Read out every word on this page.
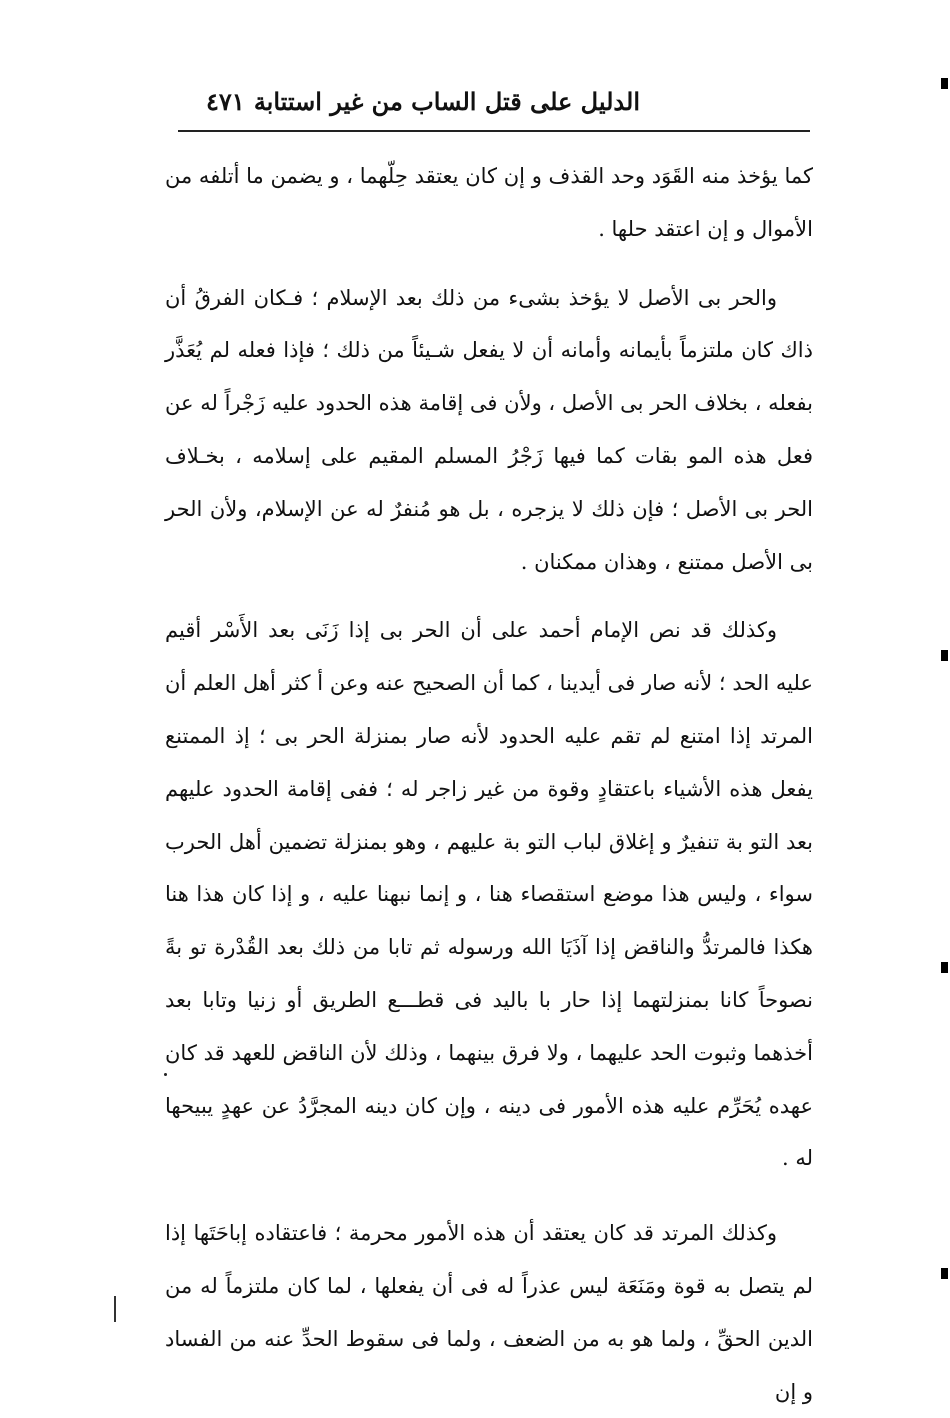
الدليل على قتل الساب من غير استتابة
٤٧١

كما يؤخذ منه القَوَد وحد القذف و إن كان يعتقد حِلّهما ، و يضمن ما أتلفه من الأموال و إن اعتقد حلها .

والحر بى الأصل لا يؤخذ بشىء من ذلك بعد الإسلام ؛ فـكان الفرقُ أن ذاك كان ملتزماً بأيمانه وأمانه أن لا يفعل شـيئاً من ذلك ؛ فإذا فعله لم يُعَذَّر بفعله ، بخلاف الحر بى الأصل ، ولأن فى إقامة هذه الحدود عليه زَجْراً له عن فعل هذه المو بقات كما فيها زَجْرُ المسلم المقيم على إسلامه ، بخـلاف الحر بى الأصل ؛ فإن ذلك لا يزجره ، بل هو مُنفرٌ له عن الإسلام، ولأن الحر بى الأصل ممتنع ، وهذان ممكنان .

وكذلك قد نص الإمام أحمد على أن الحر بى إذا زَنَى بعد الأَسْر أقيم عليه الحد ؛ لأنه صار فى أيدينا ، كما أن الصحيح عنه وعن أ كثر أهل العلم أن المرتد إذا امتنع لم تقم عليه الحدود لأنه صار بمنزلة الحر بى ؛ إذ الممتنع يفعل هذه الأشياء باعتقادٍ وقوة من غير زاجر له ؛ ففى إقامة الحدود عليهم بعد التو بة تنفيرٌ و إغلاق لباب التو بة عليهم ، وهو بمنزلة تضمين أهل الحرب سواء ، وليس هذا موضع استقصاء هنا ، و إنما نبهنا عليه ، و إذا كان هذا هنا هكذا فالمرتدُّ والناقض إذا آذَيَا الله ورسوله ثم تابا من ذلك بعد القُدْرة تو بةً نصوحاً كانا بمنزلتهما إذا حار با باليد فى قطـــع الطريق أو زنيا وتابا بعد أخذهما وثبوت الحد عليهما ، ولا فرق بينهما ، وذلك لأن الناقض للعهد قد كان عهده يُحَرِّم عليه هذه الأمور فى دينه ، وإن كان دينه المجرَّدُ عن عهدٍ يبيحها له .

وكذلك المرتد قد كان يعتقد أن هذه الأمور محرمة ؛ فاعتقاده إباحَتَها إذا لم يتصل به قوة ومَنَعَة ليس عذراً له فى أن يفعلها ، لما كان ملتزماً له من الدين الحقِّ ، ولما هو به من الضعف ، ولما فى سقوط الحدِّ عنه من الفساد و إن
